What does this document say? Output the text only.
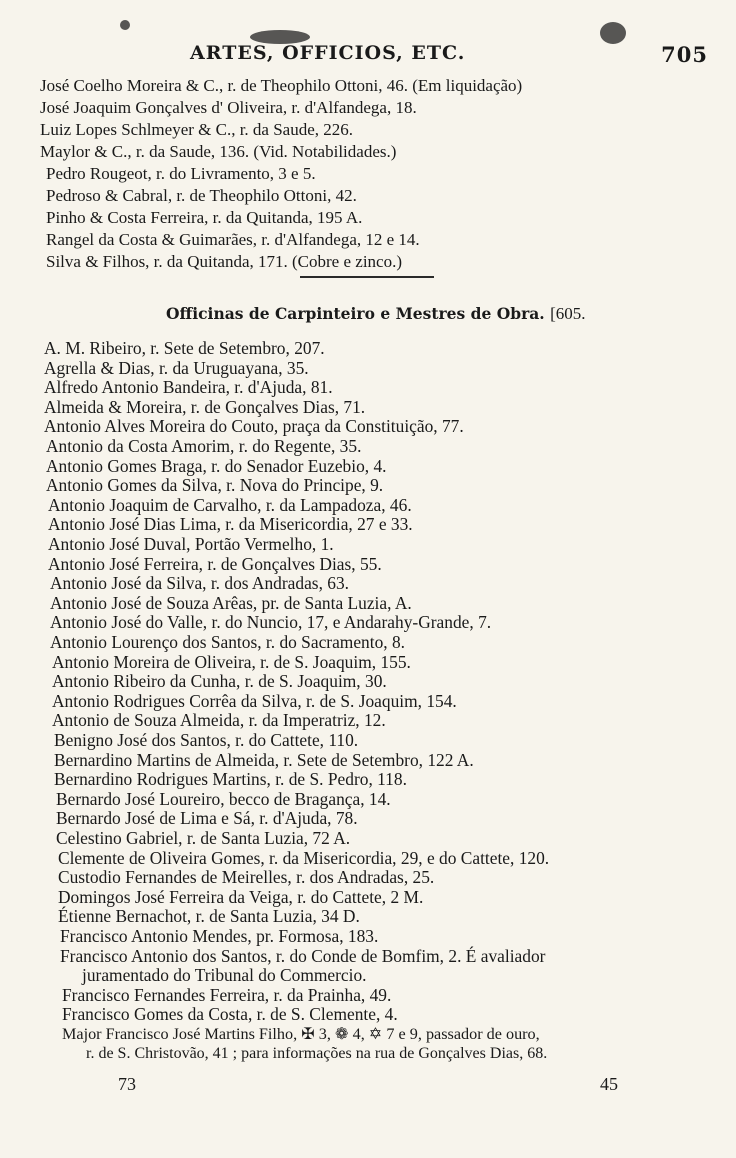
ARTES, OFFICIOS, ETC.	705
José Coelho Moreira & C., r. de Theophilo Ottoni, 46. (Em liquidação)
José Joaquim Gonçalves d' Oliveira, r. d'Alfandega, 18.
Luiz Lopes Schlmeyer & C., r. da Saude, 226.
Maylor & C., r. da Saude, 136. (Vid. Notabilidades.)
Pedro Rougeot, r. do Livramento, 3 e 5.
Pedroso & Cabral, r. de Theophilo Ottoni, 42.
Pinho & Costa Ferreira, r. da Quitanda, 195 A.
Rangel da Costa & Guimarães, r. d'Alfandega, 12 e 14.
Silva & Filhos, r. da Quitanda, 171. (Cobre e zinco.)
Officinas de Carpinteiro e Mestres de Obra. [605.
A. M. Ribeiro, r. Sete de Setembro, 207.
Agrella & Dias, r. da Uruguayana, 35.
Alfredo Antonio Bandeira, r. d'Ajuda, 81.
Almeida & Moreira, r. de Gonçalves Dias, 71.
Antonio Alves Moreira do Couto, praça da Constituição, 77.
Antonio da Costa Amorim, r. do Regente, 35.
Antonio Gomes Braga, r. do Senador Euzebio, 4.
Antonio Gomes da Silva, r. Nova do Principe, 9.
Antonio Joaquim de Carvalho, r. da Lampadoza, 46.
Antonio José Dias Lima, r. da Misericordia, 27 e 33.
Antonio José Duval, Portão Vermelho, 1.
Antonio José Ferreira, r. de Gonçalves Dias, 55.
Antonio José da Silva, r. dos Andradas, 63.
Antonio José de Souza Arêas, pr. de Santa Luzia, A.
Antonio José do Valle, r. do Nuncio, 17, e Andarahy-Grande, 7.
Antonio Lourenço dos Santos, r. do Sacramento, 8.
Antonio Moreira de Oliveira, r. de S. Joaquim, 155.
Antonio Ribeiro da Cunha, r. de S. Joaquim, 30.
Antonio Rodrigues Corrêa da Silva, r. de S. Joaquim, 154.
Antonio de Souza Almeida, r. da Imperatriz, 12.
Benigno José dos Santos, r. do Cattete, 110.
Bernardino Martins de Almeida, r. Sete de Setembro, 122 A.
Bernardino Rodrigues Martins, r. de S. Pedro, 118.
Bernardo José Loureiro, becco de Bragança, 14.
Bernardo José de Lima e Sá, r. d'Ajuda, 78.
Celestino Gabriel, r. de Santa Luzia, 72 A.
Clemente de Oliveira Gomes, r. da Misericordia, 29, e do Cattete, 120.
Custodio Fernandes de Meirelles, r. dos Andradas, 25.
Domingos José Ferreira da Veiga, r. do Cattete, 2 M.
Étienne Bernachot, r. de Santa Luzia, 34 D.
Francisco Antonio Mendes, pr. Formosa, 183.
Francisco Antonio dos Santos, r. do Conde de Bomfim, 2. É avaliador
juramentado do Tribunal do Commercio.
Francisco Fernandes Ferreira, r. da Prainha, 49.
Francisco Gomes da Costa, r. de S. Clemente, 4.
Major Francisco José Martins Filho, ✠ 3, ❁ 4, ✡ 7 e 9, passador de ouro,
r. de S. Christovão, 41 ; para informações na rua de Gonçalves Dias, 68.
73	45
